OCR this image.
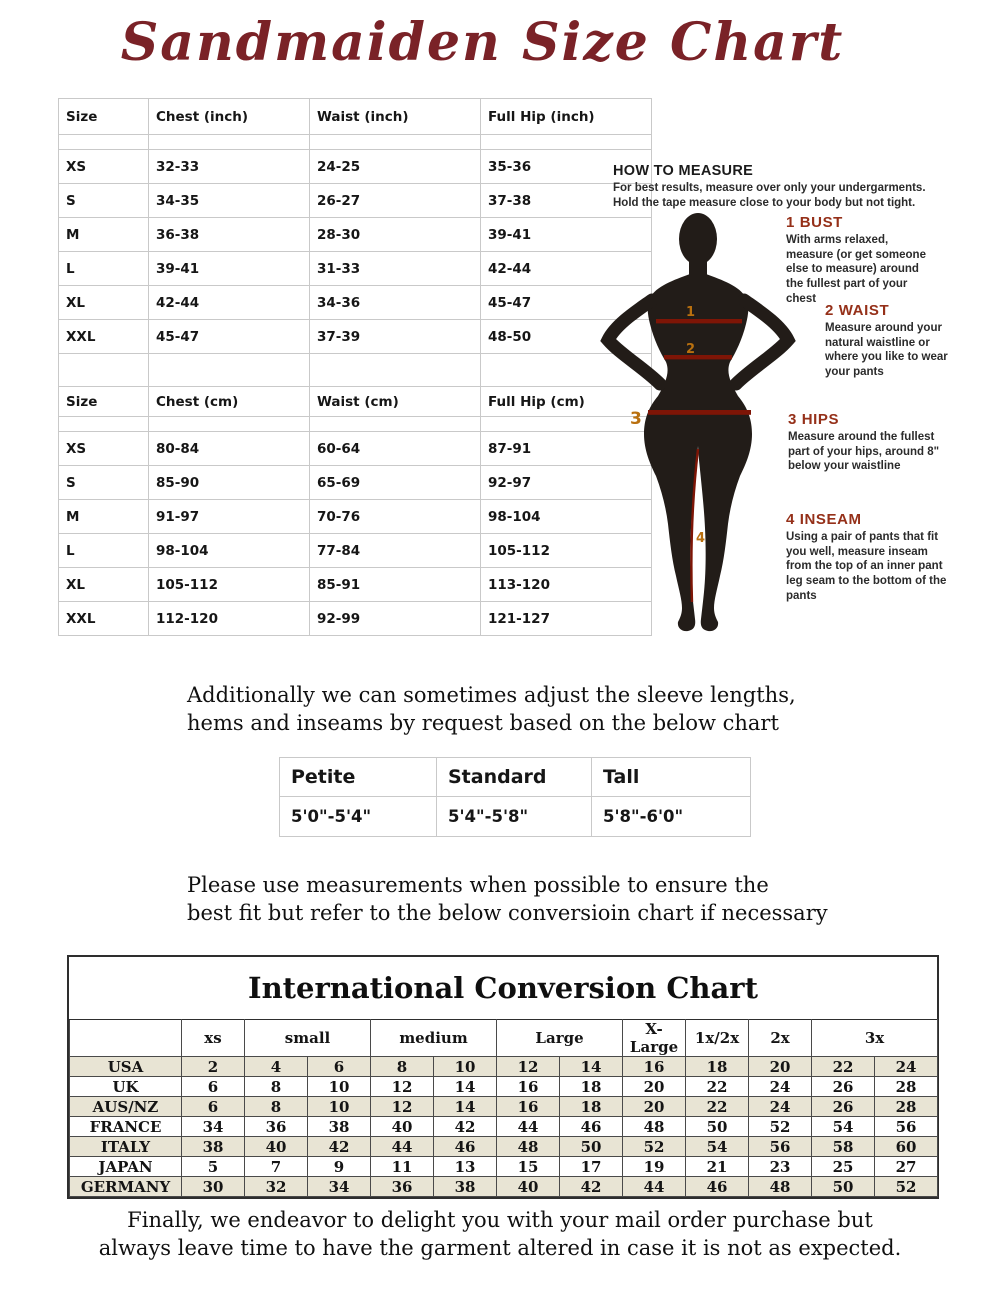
Sandmaiden Size Chart
Size	Chest (inch)	Waist (inch)	Full Hip (inch)

XS	32-33	24-25	35-36
S	34-35	26-27	37-38
M	36-38	28-30	39-41
L	39-41	31-33	42-44
XL	42-44	34-36	45-47
XXL	45-47	37-39	48-50

Size	Chest (cm)	Waist (cm)	Full Hip (cm)

XS	80-84	60-64	87-91
S	85-90	65-69	92-97
M	91-97	70-76	98-104
L	98-104	77-84	105-112
XL	105-112	85-91	113-120
XXL	112-120	92-99	121-127
HOW TO MEASURE
For best results, measure over only your undergarments.
Hold the tape measure close to your body but not tight.
1
2
3
4
1 BUST
With arms relaxed, measure (or get someone else to measure) around the fullest part of your chest
2 WAIST
Measure around your natural waistline or where you like to wear your pants
3 HIPS
Measure around the fullest part of your hips, around 8" below your waistline
4 INSEAM
Using a pair of pants that fit you well, measure inseam from the top of an inner pant leg seam to the bottom of the pants
Additionally we can sometimes adjust the sleeve lengths,
hems and inseams by request based on the below chart
Petite	Standard	Tall
5'0"-5'4"	5'4"-5'8"	5'8"-6'0"
Please use measurements when possible to ensure the
best fit but refer to the below conversioin chart if necessary
International Conversion Chart
	xs	small		medium		Large		X-Large	1x/2x	2x	3x	
USA	2	4	6	8	10	12	14	16	18	20	22	24
UK	6	8	10	12	14	16	18	20	22	24	26	28
AUS/NZ	6	8	10	12	14	16	18	20	22	24	26	28
FRANCE	34	36	38	40	42	44	46	48	50	52	54	56
ITALY	38	40	42	44	46	48	50	52	54	56	58	60
JAPAN	5	7	9	11	13	15	17	19	21	23	25	27
GERMANY	30	32	34	36	38	40	42	44	46	48	50	52
Finally, we endeavor to delight you with your mail order purchase but
always leave time to have the garment altered in case it is not as expected.
